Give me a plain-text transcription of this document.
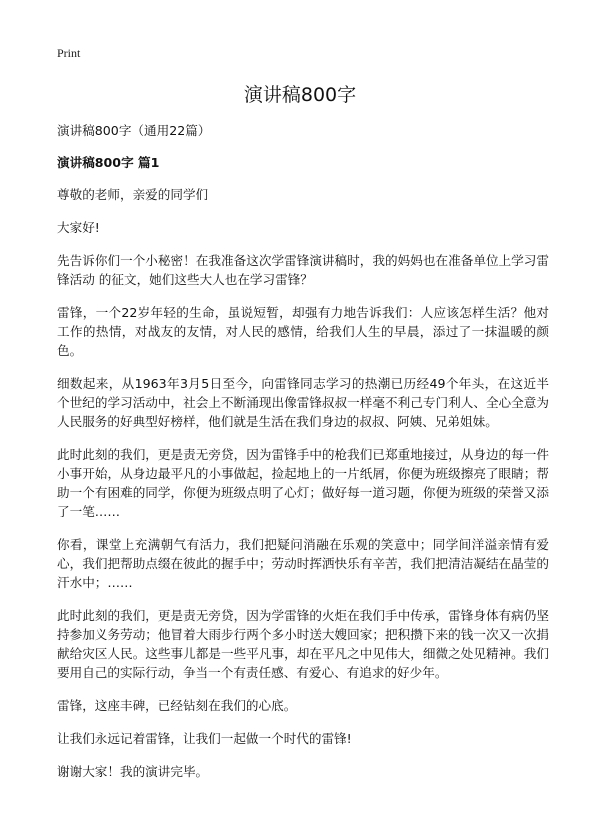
Print
演讲稿800字

演讲稿800字（通用22篇）

演讲稿800字 篇1

尊敬的老师，亲爱的同学们

大家好!

先告诉你们一个小秘密！在我准备这次学雷锋演讲稿时，我的妈妈也在准备单位上学习雷锋活动 的征文，她们这些大人也在学习雷锋？

雷锋，一个22岁年轻的生命，虽说短暂，却强有力地告诉我们：人应该怎样生活？他对工作的热情，对战友的友情，对人民的感情，给我们人生的早晨，添过了一抹温暖的颜色。

细数起来，从1963年3月5日至今，向雷锋同志学习的热潮已历经49个年头，在这近半个世纪的学习活动中，社会上不断涌现出像雷锋叔叔一样毫不利己专门利人、全心全意为人民服务的好典型好榜样，他们就是生活在我们身边的叔叔、阿姨、兄弟姐妹。

此时此刻的我们，更是责无旁贷，因为雷锋手中的枪我们已郑重地接过，从身边的每一件小事开始，从身边最平凡的小事做起，捡起地上的一片纸屑，你便为班级擦亮了眼睛；帮助一个有困难的同学，你便为班级点明了心灯；做好每一道习题，你便为班级的荣誉又添了一笔……

你看，课堂上充满朝气有活力，我们把疑问消融在乐观的笑意中；同学间洋溢亲情有爱心，我们把帮助点缀在彼此的握手中；劳动时挥洒快乐有辛苦，我们把清洁凝结在晶莹的汗水中；……

此时此刻的我们，更是责无旁贷，因为学雷锋的火炬在我们手中传承，雷锋身体有病仍坚持参加义务劳动；他冒着大雨步行两个多小时送大嫂回家；把积攒下来的钱一次又一次捐献给灾区人民。这些事儿都是一些平凡事，却在平凡之中见伟大，细微之处见精神。我们要用自己的实际行动，争当一个有责任感、有爱心、有追求的好少年。

雷锋，这座丰碑，已经钻刻在我们的心底。

让我们永远记着雷锋，让我们一起做一个时代的雷锋!

谢谢大家！我的演讲完毕。
